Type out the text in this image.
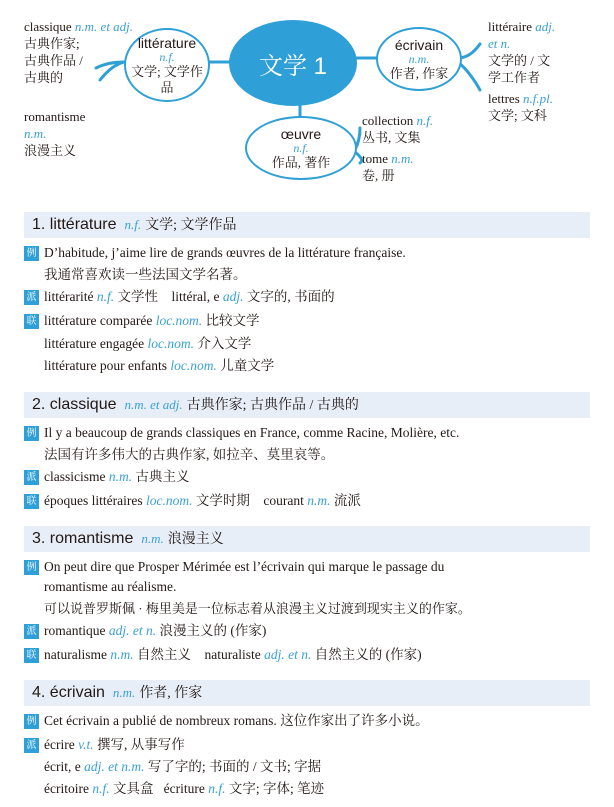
文学 1
littérature
n.f.
文学; 文学作品
écrivain
n.m.
作者, 作家
œuvre
n.f.
作品, 著作
classique n.m. et adj.
古典作家;
古典作品 /
古典的
romantisme
n.m.
浪漫主义
littéraire adj.
et n.
文学的 / 文
学工作者
lettres n.f.pl.
文学; 文科
collection n.f.
丛书, 文集
tome n.m.
卷, 册
1. littérature n.f. 文学; 文学作品
例 D’habitude, j’aime lire de grands œuvres de la littérature française.
我通常喜欢读一些法国文学名著。
派 littérarité n.f. 文学性 littéral, e adj. 文字的, 书面的
联 littérature comparée loc.nom. 比较文学
littérature engagée loc.nom. 介入文学
littérature pour enfants loc.nom. 儿童文学
2. classique n.m. et adj. 古典作家; 古典作品 / 古典的
例 Il y a beaucoup de grands classiques en France, comme Racine, Molière, etc.
法国有许多伟大的古典作家, 如拉辛、莫里哀等。
派 classicisme n.m. 古典主义
联 époques littéraires loc.nom. 文学时期 courant n.m. 流派
3. romantisme n.m. 浪漫主义
例 On peut dire que Prosper Mérimée est l’écrivain qui marque le passage du
romantisme au réalisme.
可以说普罗斯佩 · 梅里美是一位标志着从浪漫主义过渡到现实主义的作家。
派 romantique adj. et n. 浪漫主义的 (作家)
联 naturalisme n.m. 自然主义 naturaliste adj. et n. 自然主义的 (作家)
4. écrivain n.m. 作者, 作家
例 Cet écrivain a publié de nombreux romans. 这位作家出了许多小说。
派 écrire v.t. 撰写, 从事写作
écrit, e adj. et n.m. 写了字的; 书面的 / 文书; 字据
écritoire n.f. 文具盒 écriture n.f. 文字; 字体; 笔迹
